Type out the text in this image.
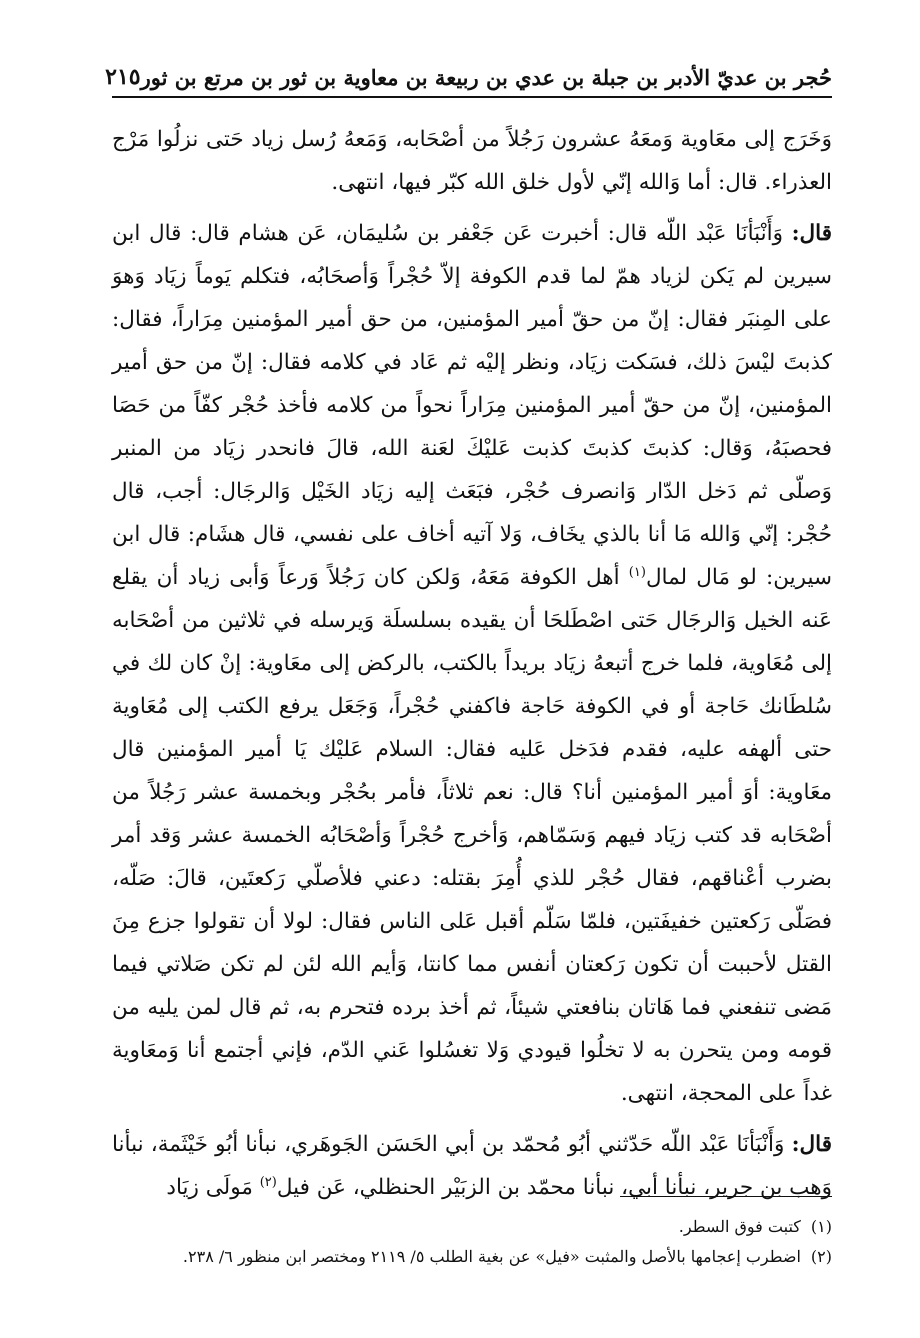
حُجر بن عديّ الأدبر بن جبلة بن عدي بن ربيعة بن معاوية بن ثور بن مرتع بن ثور
٢١٥

وَخَرَج إلى معَاوية وَمعَهُ عشرون رَجُلاً من أصْحَابه، وَمَعهُ رُسل زياد حَتى نزلُوا مَرْج العذراء. قال: أما وَالله إنّي لأول خلق الله كبّر فيها، انتهى.

قال: وَأَنْبَأنَا عَبْد اللّه قال: أخبرت عَن جَعْفر بن سُليمَان، عَن هشام قال: قال ابن سيرين لم يَكن لزياد همّ لما قدم الكوفة إلاّ حُجْراً وَأصحَابُه، فتكلم يَوماً زيَاد وَهوَ على المِنبَر فقال: إنّ من حقّ أمير المؤمنين، من حق أمير المؤمنين مِرَاراً، فقال: كذبتَ ليْسَ ذلك، فسَكت زيَاد، ونظر إليْه ثم عَاد في كلامه فقال: إنّ من حق أمير المؤمنين، إنّ من حقّ أمير المؤمنين مِرَاراً نحواً من كلامه فأخذ حُجْر كفّاً من حَصَا فحصبَهُ، وَقال: كذبتَ كذبتَ كذبت عَليْكَ لعَنة الله، قالَ فانحدر زيَاد من المنبر وَصلّى ثم دَخل الدّار وَانصرف حُجْر، فبَعَث إليه زيَاد الخَيْل وَالرجَال: أجب، قال حُجْر: إنّي وَالله مَا أنا بالذي يخَاف، وَلا آتيه أخاف على نفسي، قال هشَام: قال ابن سيرين: لو مَال لمال$^{(١)}$ أهل الكوفة مَعَهُ، وَلكن كان رَجُلاً وَرعاً وَأبى زياد أن يقلع عَنه الخيل وَالرجَال حَتى اصْطَلحَا أن يقيده بسلسلَة وَيرسله في ثلاثين من أصْحَابه إلى مُعَاوية، فلما خرج أتبعهُ زيَاد بريداً بالكتب، بالركض إلى معَاوية: إنْ كان لك في سُلطَانك حَاجة أو في الكوفة حَاجة فاكفني حُجْراً، وَجَعَل يرفع الكتب إلى مُعَاوية حتى ألهفه عليه، فقدم فدَخل عَليه فقال: السلام عَليْك يَا أمير المؤمنين قال معَاوية: أوَ أمير المؤمنين أنا؟ قال: نعم ثلاثاً، فأمر بحُجْر وبخمسة عشر رَجُلاً من أصْحَابه قد كتب زيَاد فيهم وَسَمّاهم، وَأخرج حُجْراً وَأصْحَابُه الخمسة عشر وَقد أمر بضرب أعْناقهم، فقال حُجْر للذي أُمِرَ بقتله: دعني فلأصلّي رَكعتَين، قالَ: صَلّه، فصَلّى رَكعتين خفيفَتين، فلمّا سَلّم أقبل عَلى الناس فقال: لولا أن تقولوا جزع مِنَ القتل لأحببت أن تكون رَكعتان أنفس مما كانتا، وَأيم الله لئن لم تكن صَلاتي فيما مَضى تنفعني فما هَاتان بنافعتي شيئاً، ثم أخذ برده فتحرم به، ثم قال لمن يليه من قومه ومن يتحرن به لا تخلُوا قيودي وَلا تغسُلوا عَني الدّم، فإني أجتمع أنا وَمعَاوية غداً على المحجة، انتهى.

قال: وَأَنْبَأنَا عَبْد اللّه حَدّثني أبُو مُحمّد بن أبي الحَسَن الجَوهَري، نبأنا أبُو خَيْثَمة، نبأنا وَهب بن جرير، نبأنا أبي، نبأنا محمّد بن الزبَيْر الحنظلي، عَن فيل$^{(٢)}$ مَولَى زيَاد

(١)
كتبت فوق السطر.

(٢)
اضطرب إعجامها بالأصل والمثبت «فيل» عن بغية الطلب ٥/ ٢١١٩ ومختصر ابن منظور ٦/ ٢٣٨.
